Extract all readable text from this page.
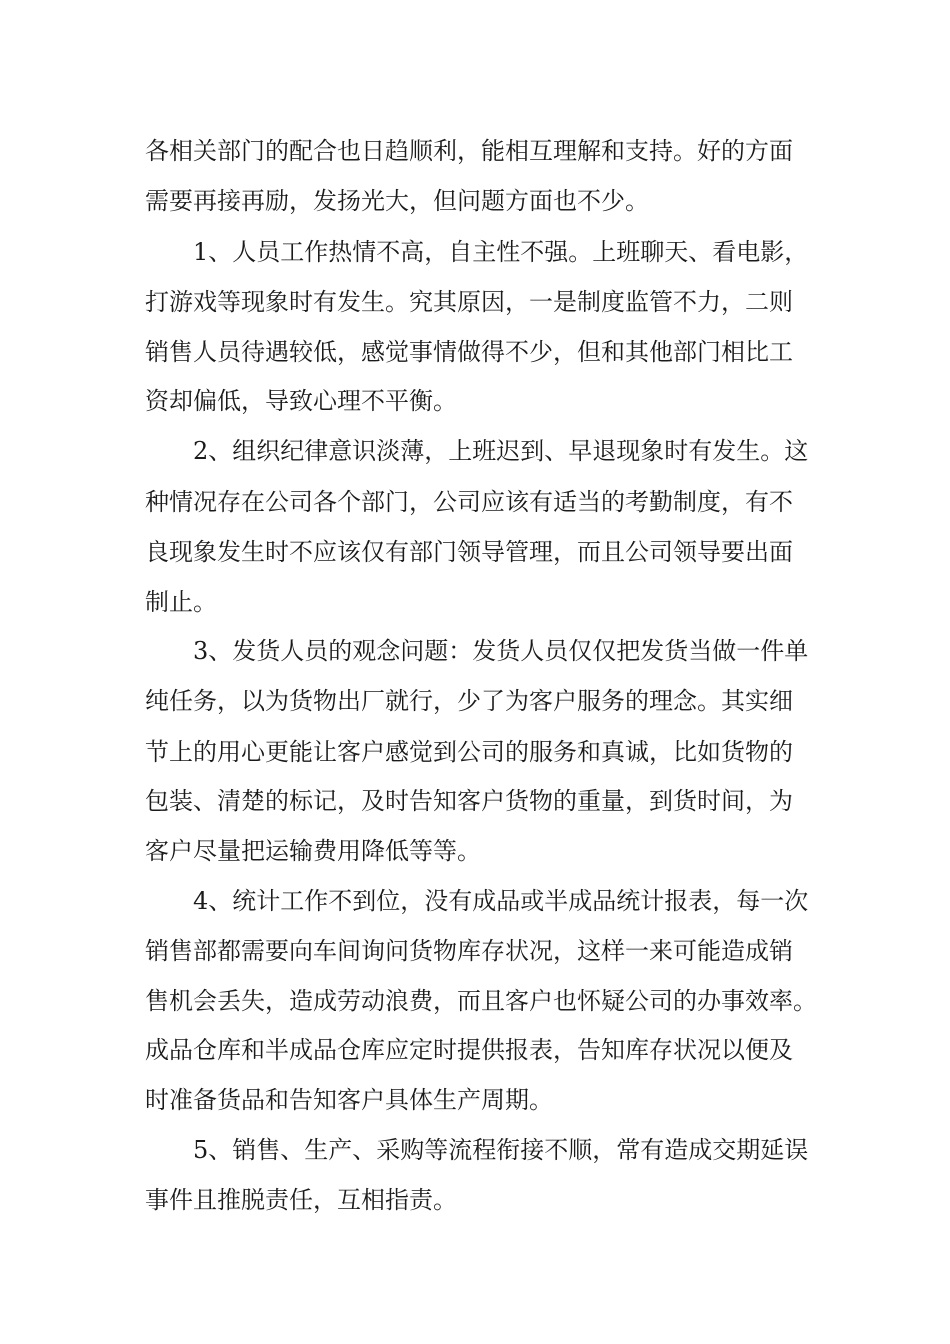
各相关部门的配合也日趋顺利，能相互理解和支持。好的方面
需要再接再励，发扬光大，但问题方面也不少。
1、人员工作热情不高，自主性不强。上班聊天、看电影，
打游戏等现象时有发生。究其原因，一是制度监管不力，二则
销售人员待遇较低，感觉事情做得不少，但和其他部门相比工
资却偏低，导致心理不平衡。
2、组织纪律意识淡薄，上班迟到、早退现象时有发生。这
种情况存在公司各个部门，公司应该有适当的考勤制度，有不
良现象发生时不应该仅有部门领导管理，而且公司领导要出面
制止。
3、发货人员的观念问题：发货人员仅仅把发货当做一件单
纯任务，以为货物出厂就行，少了为客户服务的理念。其实细
节上的用心更能让客户感觉到公司的服务和真诚，比如货物的
包装、清楚的标记，及时告知客户货物的重量，到货时间，为
客户尽量把运输费用降低等等。
4、统计工作不到位，没有成品或半成品统计报表，每一次
销售部都需要向车间询问货物库存状况，这样一来可能造成销
售机会丢失，造成劳动浪费，而且客户也怀疑公司的办事效率。
成品仓库和半成品仓库应定时提供报表，告知库存状况以便及
时准备货品和告知客户具体生产周期。
5、销售、生产、采购等流程衔接不顺，常有造成交期延误
事件且推脱责任，互相指责。
